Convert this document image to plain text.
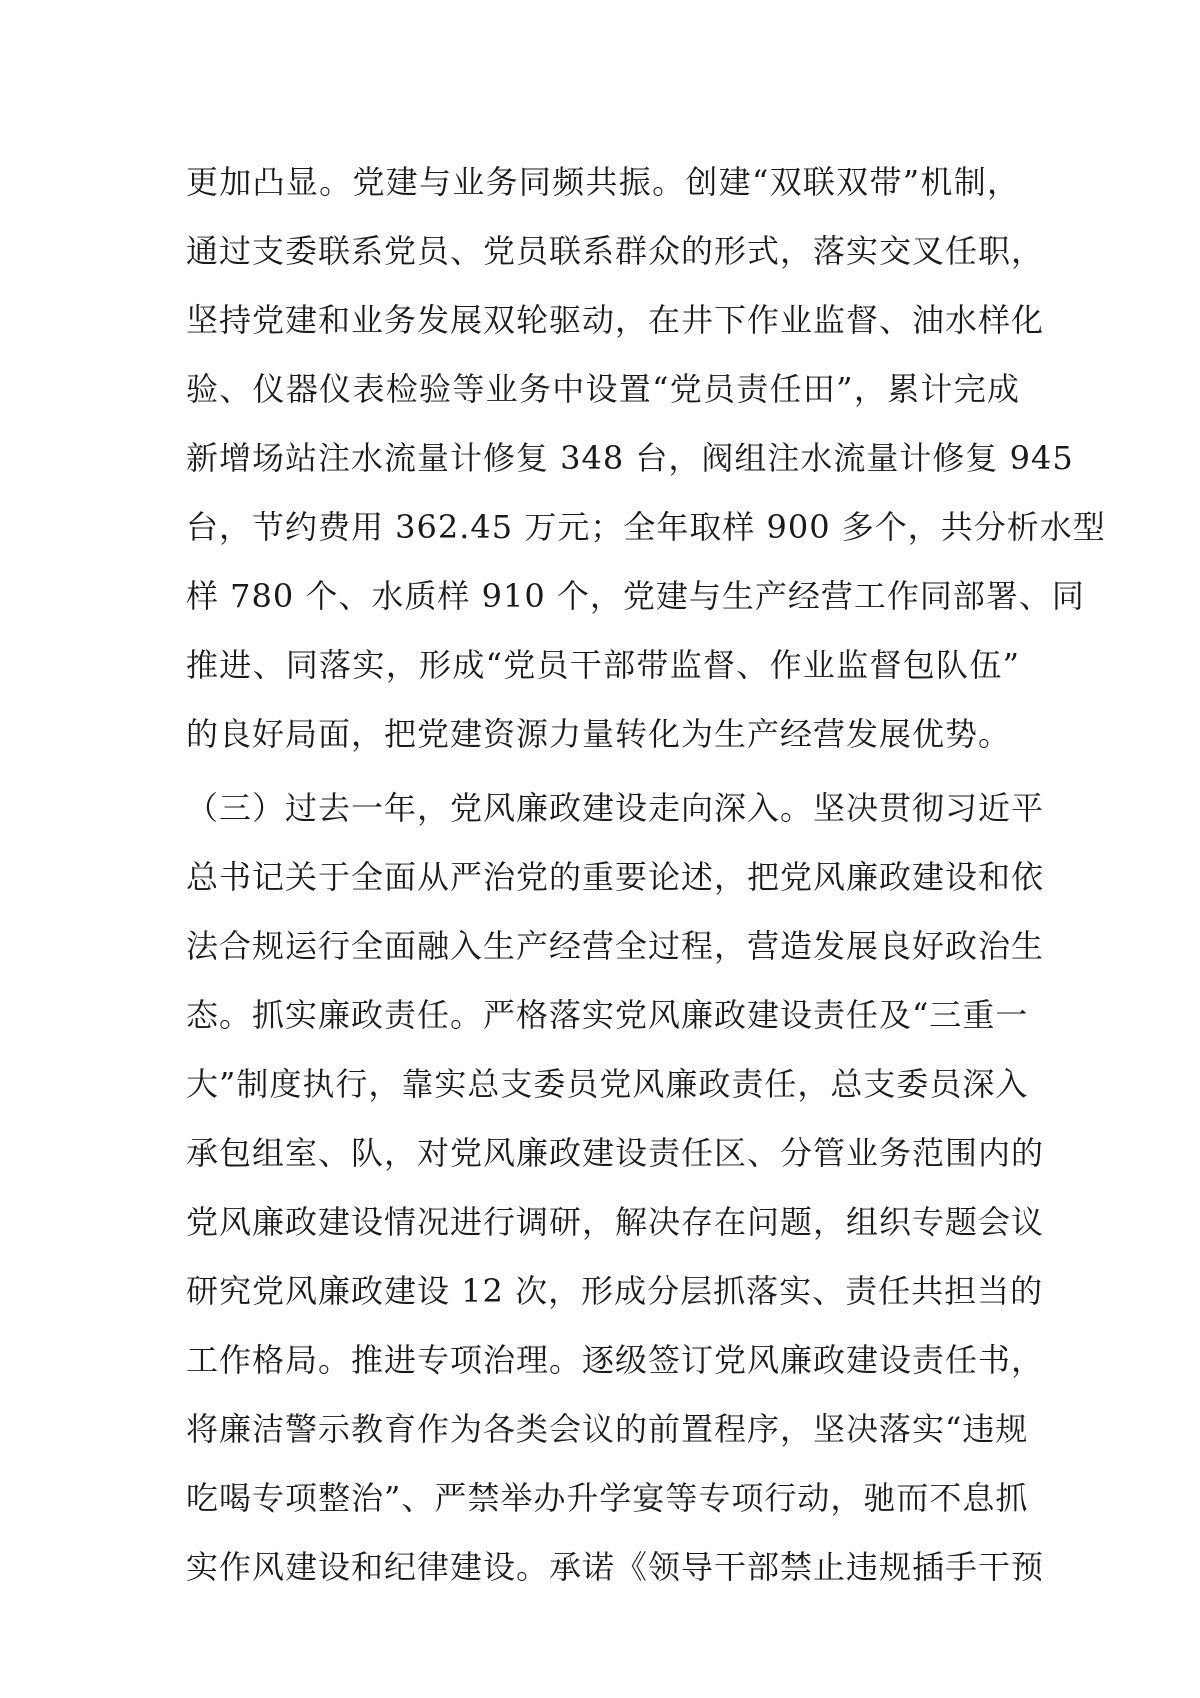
更加凸显。党建与业务同频共振。创建“双联双带”机制，
通过支委联系党员、党员联系群众的形式，落实交叉任职，
坚持党建和业务发展双轮驱动，在井下作业监督、油水样化
验、仪器仪表检验等业务中设置“党员责任田”，累计完成
新增场站注水流量计修复 348 台，阀组注水流量计修复 945
台，节约费用 362.45 万元；全年取样 900 多个，共分析水型
样 780 个、水质样 910 个，党建与生产经营工作同部署、同
推进、同落实，形成“党员干部带监督、作业监督包队伍”
的良好局面，把党建资源力量转化为生产经营发展优势。
（三）过去一年，党风廉政建设走向深入。坚决贯彻习近平
总书记关于全面从严治党的重要论述，把党风廉政建设和依
法合规运行全面融入生产经营全过程，营造发展良好政治生
态。抓实廉政责任。严格落实党风廉政建设责任及“三重一
大”制度执行，靠实总支委员党风廉政责任，总支委员深入
承包组室、队，对党风廉政建设责任区、分管业务范围内的
党风廉政建设情况进行调研，解决存在问题，组织专题会议
研究党风廉政建设 12 次，形成分层抓落实、责任共担当的
工作格局。推进专项治理。逐级签订党风廉政建设责任书，
将廉洁警示教育作为各类会议的前置程序，坚决落实“违规
吃喝专项整治”、严禁举办升学宴等专项行动，驰而不息抓
实作风建设和纪律建设。承诺《领导干部禁止违规插手干预
